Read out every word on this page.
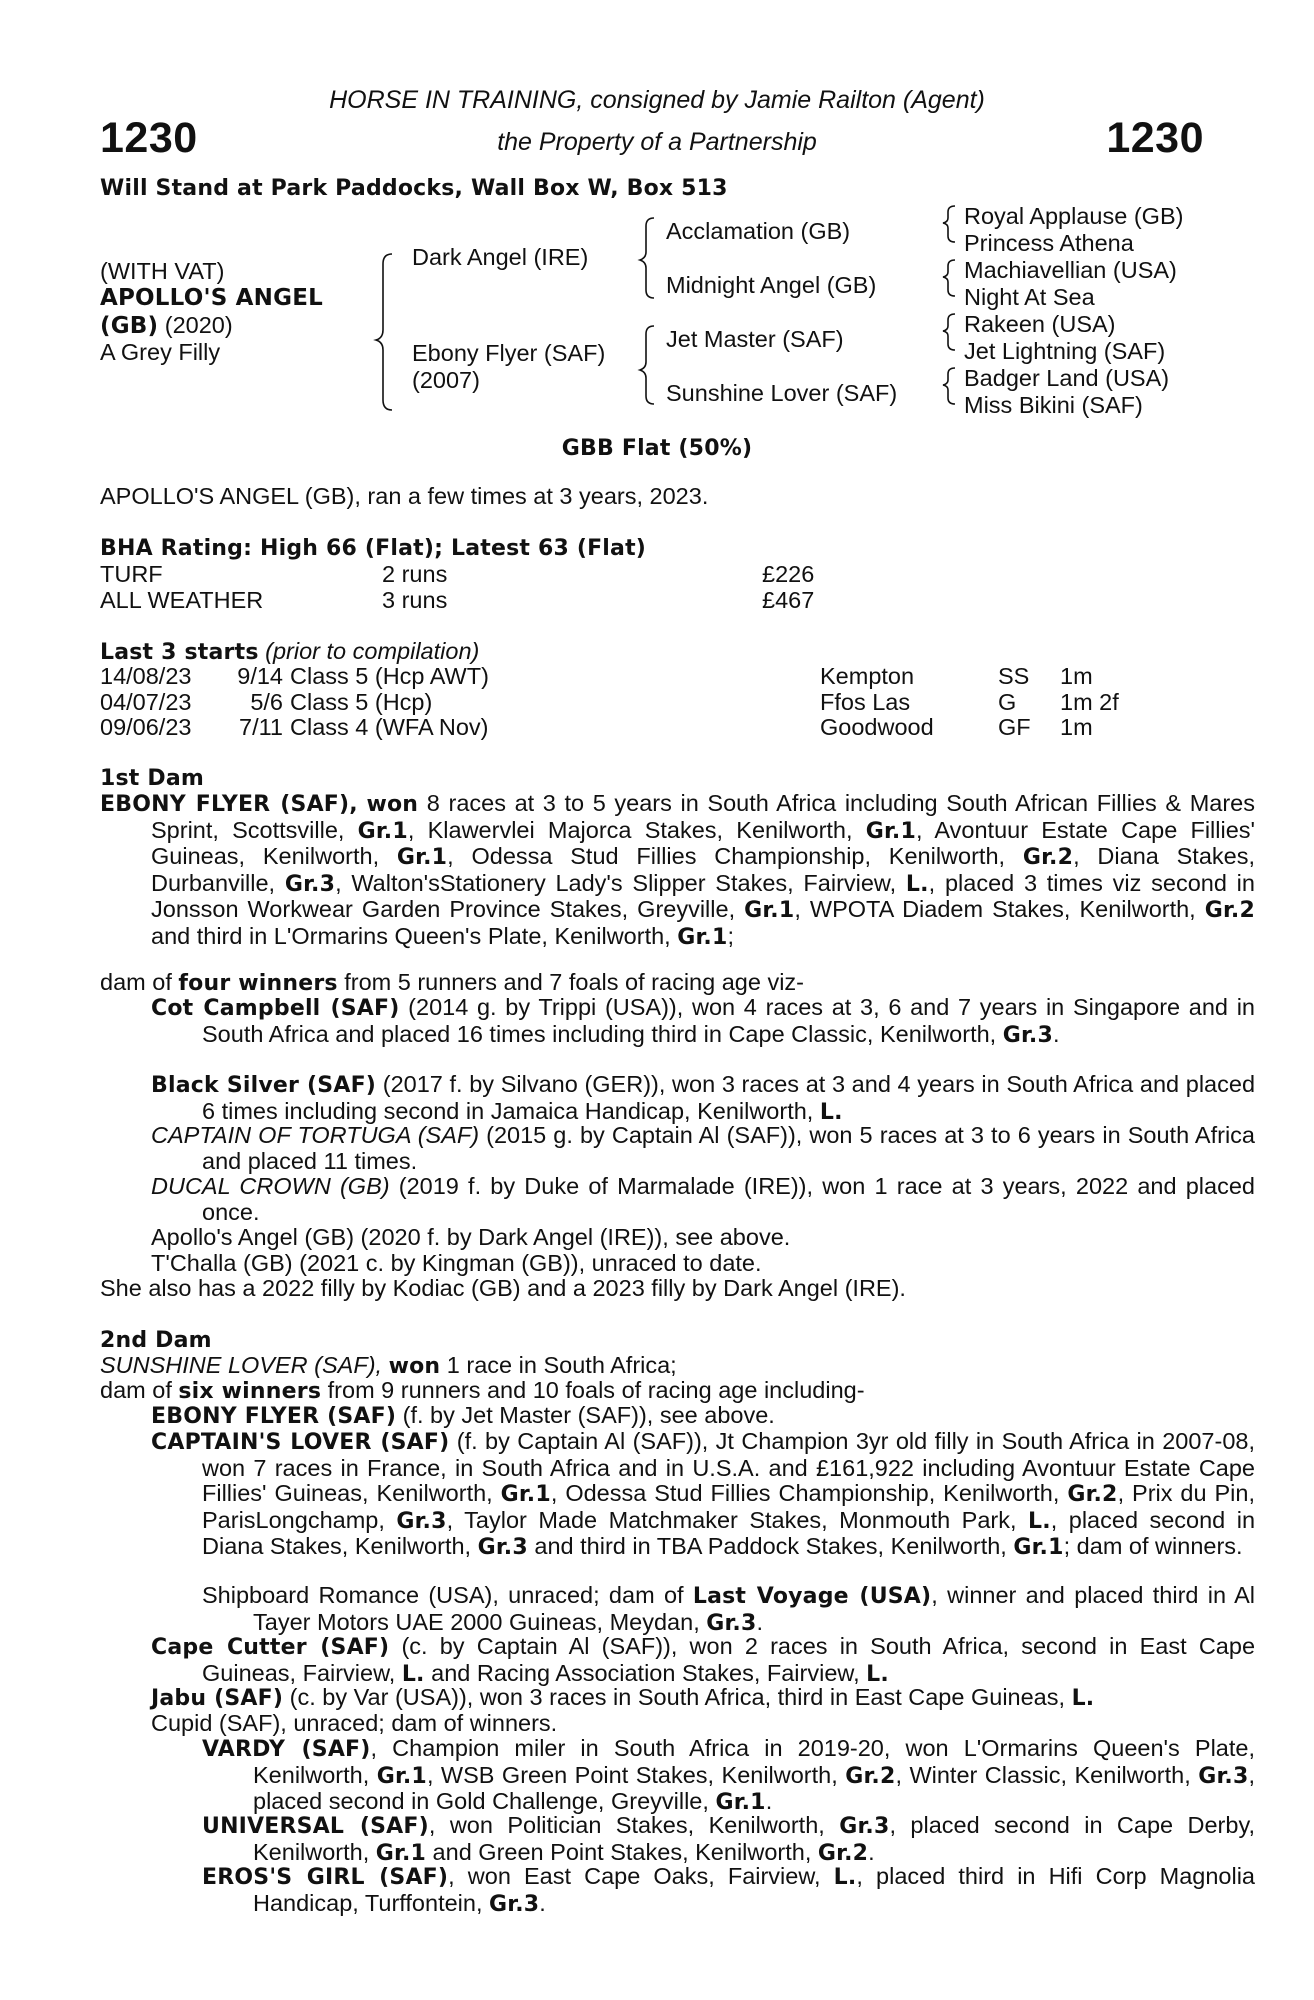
1230	1230
HORSE IN TRAINING, consigned by Jamie Railton (Agent)
the Property of a Partnership
Will Stand at Park Paddocks, Wall Box W, Box 513
(WITH VAT)
APOLLO'S ANGEL
(GB) (2020)
A Grey Filly
Dark Angel (IRE)
Ebony Flyer (SAF)
(2007)
Acclamation (GB)
Midnight Angel (GB)
Jet Master (SAF)
Sunshine Lover (SAF)
Royal Applause (GB)
Princess Athena
Machiavellian (USA)
Night At Sea
Rakeen (USA)
Jet Lightning (SAF)
Badger Land (USA)
Miss Bikini (SAF)
GBB Flat (50%)
APOLLO'S ANGEL (GB), ran a few times at 3 years, 2023.
BHA Rating: High 66 (Flat); Latest 63 (Flat)
TURF	2 runs	£226
ALL WEATHER	3 runs	£467
Last 3 starts (prior to compilation)
1st Dam
EBONY FLYER (SAF), won 8 races at 3 to 5 years in South Africa including South African Fillies & Mares Sprint, Scottsville, Gr.1, Klawervlei Majorca Stakes, Kenilworth, Gr.1, Avontuur Estate Cape Fillies' Guineas, Kenilworth, Gr.1, Odessa Stud Fillies Championship, Kenilworth, Gr.2, Diana Stakes, Durbanville, Gr.3, Walton'sStationery Lady's Slipper Stakes, Fairview, L., placed 3 times viz second in Jonsson Workwear Garden Province Stakes, Greyville, Gr.1, WPOTA Diadem Stakes, Kenilworth, Gr.2 and third in L'Ormarins Queen's Plate, Kenilworth, Gr.1;
dam of four winners from 5 runners and 7 foals of racing age viz-
Cot Campbell (SAF) (2014 g. by Trippi (USA)), won 4 races at 3, 6 and 7 years in Singapore and in South Africa and placed 16 times including third in Cape Classic, Kenilworth, Gr.3.
Black Silver (SAF) (2017 f. by Silvano (GER)), won 3 races at 3 and 4 years in South Africa and placed 6 times including second in Jamaica Handicap, Kenilworth, L.
CAPTAIN OF TORTUGA (SAF) (2015 g. by Captain Al (SAF)), won 5 races at 3 to 6 years in South Africa and placed 11 times.
DUCAL CROWN (GB) (2019 f. by Duke of Marmalade (IRE)), won 1 race at 3 years, 2022 and placed once.
Apollo's Angel (GB) (2020 f. by Dark Angel (IRE)), see above.
T'Challa (GB) (2021 c. by Kingman (GB)), unraced to date.
She also has a 2022 filly by Kodiac (GB) and a 2023 filly by Dark Angel (IRE).
2nd Dam
SUNSHINE LOVER (SAF), won 1 race in South Africa;
dam of six winners from 9 runners and 10 foals of racing age including-
EBONY FLYER (SAF) (f. by Jet Master (SAF)), see above.
CAPTAIN'S LOVER (SAF) (f. by Captain Al (SAF)), Jt Champion 3yr old filly in South Africa in 2007-08, won 7 races in France, in South Africa and in U.S.A. and £161,922 including Avontuur Estate Cape Fillies' Guineas, Kenilworth, Gr.1, Odessa Stud Fillies Championship, Kenilworth, Gr.2, Prix du Pin, ParisLongchamp, Gr.3, Taylor Made Matchmaker Stakes, Monmouth Park, L., placed second in Diana Stakes, Kenilworth, Gr.3 and third in TBA Paddock Stakes, Kenilworth, Gr.1; dam of winners.
Shipboard Romance (USA), unraced; dam of Last Voyage (USA), winner and placed third in Al Tayer Motors UAE 2000 Guineas, Meydan, Gr.3.
Cape Cutter (SAF) (c. by Captain Al (SAF)), won 2 races in South Africa, second in East Cape Guineas, Fairview, L. and Racing Association Stakes, Fairview, L.
Jabu (SAF) (c. by Var (USA)), won 3 races in South Africa, third in East Cape Guineas, L.
Cupid (SAF), unraced; dam of winners.
VARDY (SAF), Champion miler in South Africa in 2019-20, won L'Ormarins Queen's Plate, Kenilworth, Gr.1, WSB Green Point Stakes, Kenilworth, Gr.2, Winter Classic, Kenilworth, Gr.3, placed second in Gold Challenge, Greyville, Gr.1.
UNIVERSAL (SAF), won Politician Stakes, Kenilworth, Gr.3, placed second in Cape Derby, Kenilworth, Gr.1 and Green Point Stakes, Kenilworth, Gr.2.
EROS'S GIRL (SAF), won East Cape Oaks, Fairview, L., placed third in Hifi Corp Magnolia Handicap, Turffontein, Gr.3.
14/08/23	9/14 Class 5 (Hcp AWT)	Kempton	SS 1m
04/07/23	5/6 Class 5 (Hcp)	Ffos Las	G 1m 2f
09/06/23	7/11 Class 4 (WFA Nov)	Goodwood	GF 1m
